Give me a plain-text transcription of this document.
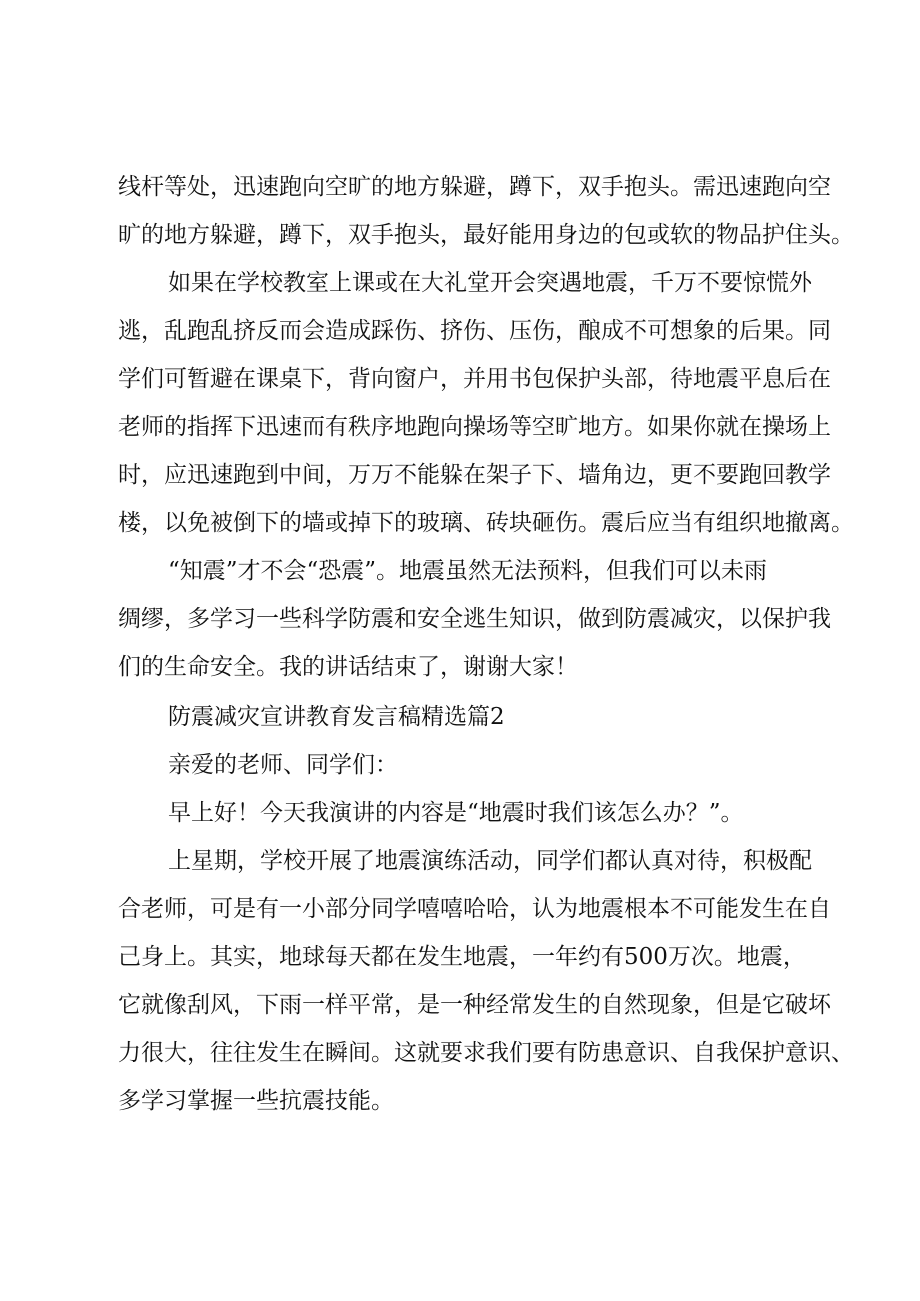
线杆等处，迅速跑向空旷的地方躲避，蹲下，双手抱头。需迅速跑向空

旷的地方躲避，蹲下，双手抱头，最好能用身边的包或软的物品护住头。

如果在学校教室上课或在大礼堂开会突遇地震，千万不要惊慌外

逃，乱跑乱挤反而会造成踩伤、挤伤、压伤，酿成不可想象的后果。同

学们可暂避在课桌下，背向窗户，并用书包保护头部，待地震平息后在

老师的指挥下迅速而有秩序地跑向操场等空旷地方。如果你就在操场上

时，应迅速跑到中间，万万不能躲在架子下、墙角边，更不要跑回教学

楼，以免被倒下的墙或掉下的玻璃、砖块砸伤。震后应当有组织地撤离。

“知震”才不会“恐震”。地震虽然无法预料，但我们可以未雨

绸缪，多学习一些科学防震和安全逃生知识，做到防震减灾，以保护我

们的生命安全。我的讲话结束了，谢谢大家！

防震减灾宣讲教育发言稿精选篇2

亲爱的老师、同学们：

早上好！今天我演讲的内容是“地震时我们该怎么办？”。

上星期，学校开展了地震演练活动，同学们都认真对待，积极配

合老师，可是有一小部分同学嘻嘻哈哈，认为地震根本不可能发生在自

己身上。其实，地球每天都在发生地震，一年约有500万次。地震，

它就像刮风，下雨一样平常，是一种经常发生的自然现象，但是它破坏

力很大，往往发生在瞬间。这就要求我们要有防患意识、自我保护意识、

多学习掌握一些抗震技能。
